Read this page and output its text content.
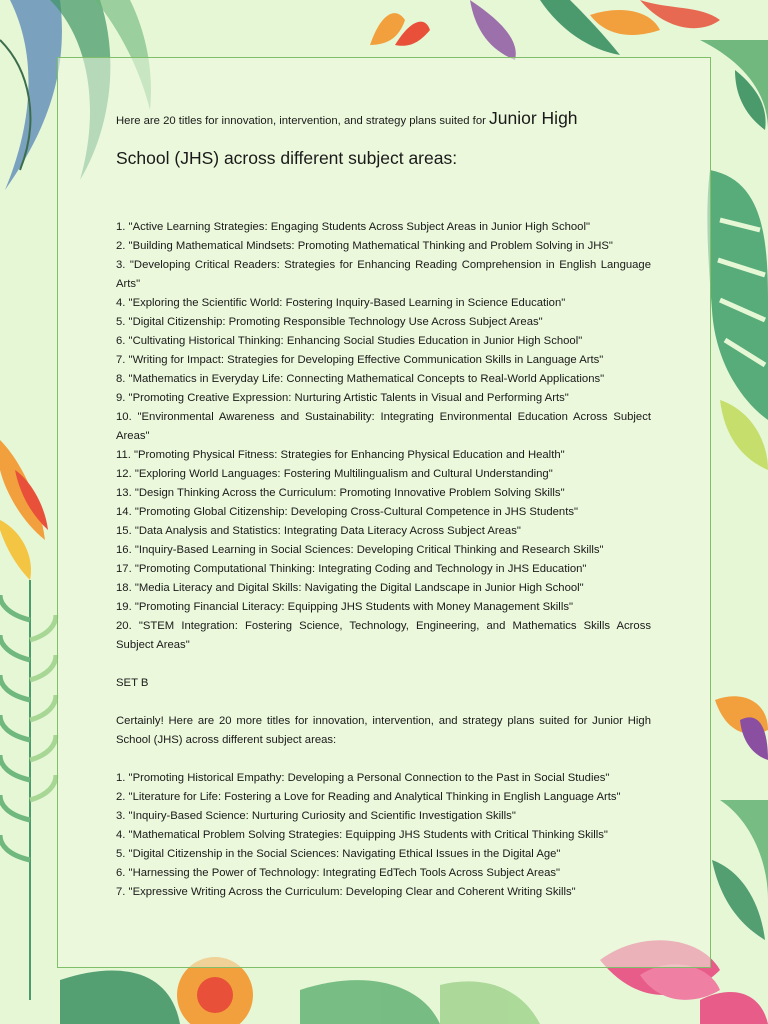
Here are 20 titles for innovation, intervention, and strategy plans suited for Junior High
School (JHS) across different subject areas:

1. "Active Learning Strategies: Engaging Students Across Subject Areas in Junior High School"
2. "Building Mathematical Mindsets: Promoting Mathematical Thinking and Problem Solving in JHS"
3. "Developing Critical Readers: Strategies for Enhancing Reading Comprehension in English Language Arts"
4. "Exploring the Scientific World: Fostering Inquiry-Based Learning in Science Education"
5. "Digital Citizenship: Promoting Responsible Technology Use Across Subject Areas"
6. "Cultivating Historical Thinking: Enhancing Social Studies Education in Junior High School"
7. "Writing for Impact: Strategies for Developing Effective Communication Skills in Language Arts"
8. "Mathematics in Everyday Life: Connecting Mathematical Concepts to Real-World Applications"
9. "Promoting Creative Expression: Nurturing Artistic Talents in Visual and Performing Arts"
10. "Environmental Awareness and Sustainability: Integrating Environmental Education Across Subject Areas"
11. "Promoting Physical Fitness: Strategies for Enhancing Physical Education and Health"
12. "Exploring World Languages: Fostering Multilingualism and Cultural Understanding"
13. "Design Thinking Across the Curriculum: Promoting Innovative Problem Solving Skills"
14. "Promoting Global Citizenship: Developing Cross-Cultural Competence in JHS Students"
15. "Data Analysis and Statistics: Integrating Data Literacy Across Subject Areas"
16. "Inquiry-Based Learning in Social Sciences: Developing Critical Thinking and Research Skills"
17. "Promoting Computational Thinking: Integrating Coding and Technology in JHS Education"
18. "Media Literacy and Digital Skills: Navigating the Digital Landscape in Junior High School"
19. "Promoting Financial Literacy: Equipping JHS Students with Money Management Skills"
20. "STEM Integration: Fostering Science, Technology, Engineering, and Mathematics Skills Across Subject Areas"

SET B

Certainly! Here are 20 more titles for innovation, intervention, and strategy plans suited for Junior High School (JHS) across different subject areas:

1. "Promoting Historical Empathy: Developing a Personal Connection to the Past in Social Studies"
2. "Literature for Life: Fostering a Love for Reading and Analytical Thinking in English Language Arts"
3. "Inquiry-Based Science: Nurturing Curiosity and Scientific Investigation Skills"
4. "Mathematical Problem Solving Strategies: Equipping JHS Students with Critical Thinking Skills"
5. "Digital Citizenship in the Social Sciences: Navigating Ethical Issues in the Digital Age"
6. "Harnessing the Power of Technology: Integrating EdTech Tools Across Subject Areas"
7. "Expressive Writing Across the Curriculum: Developing Clear and Coherent Writing Skills"
